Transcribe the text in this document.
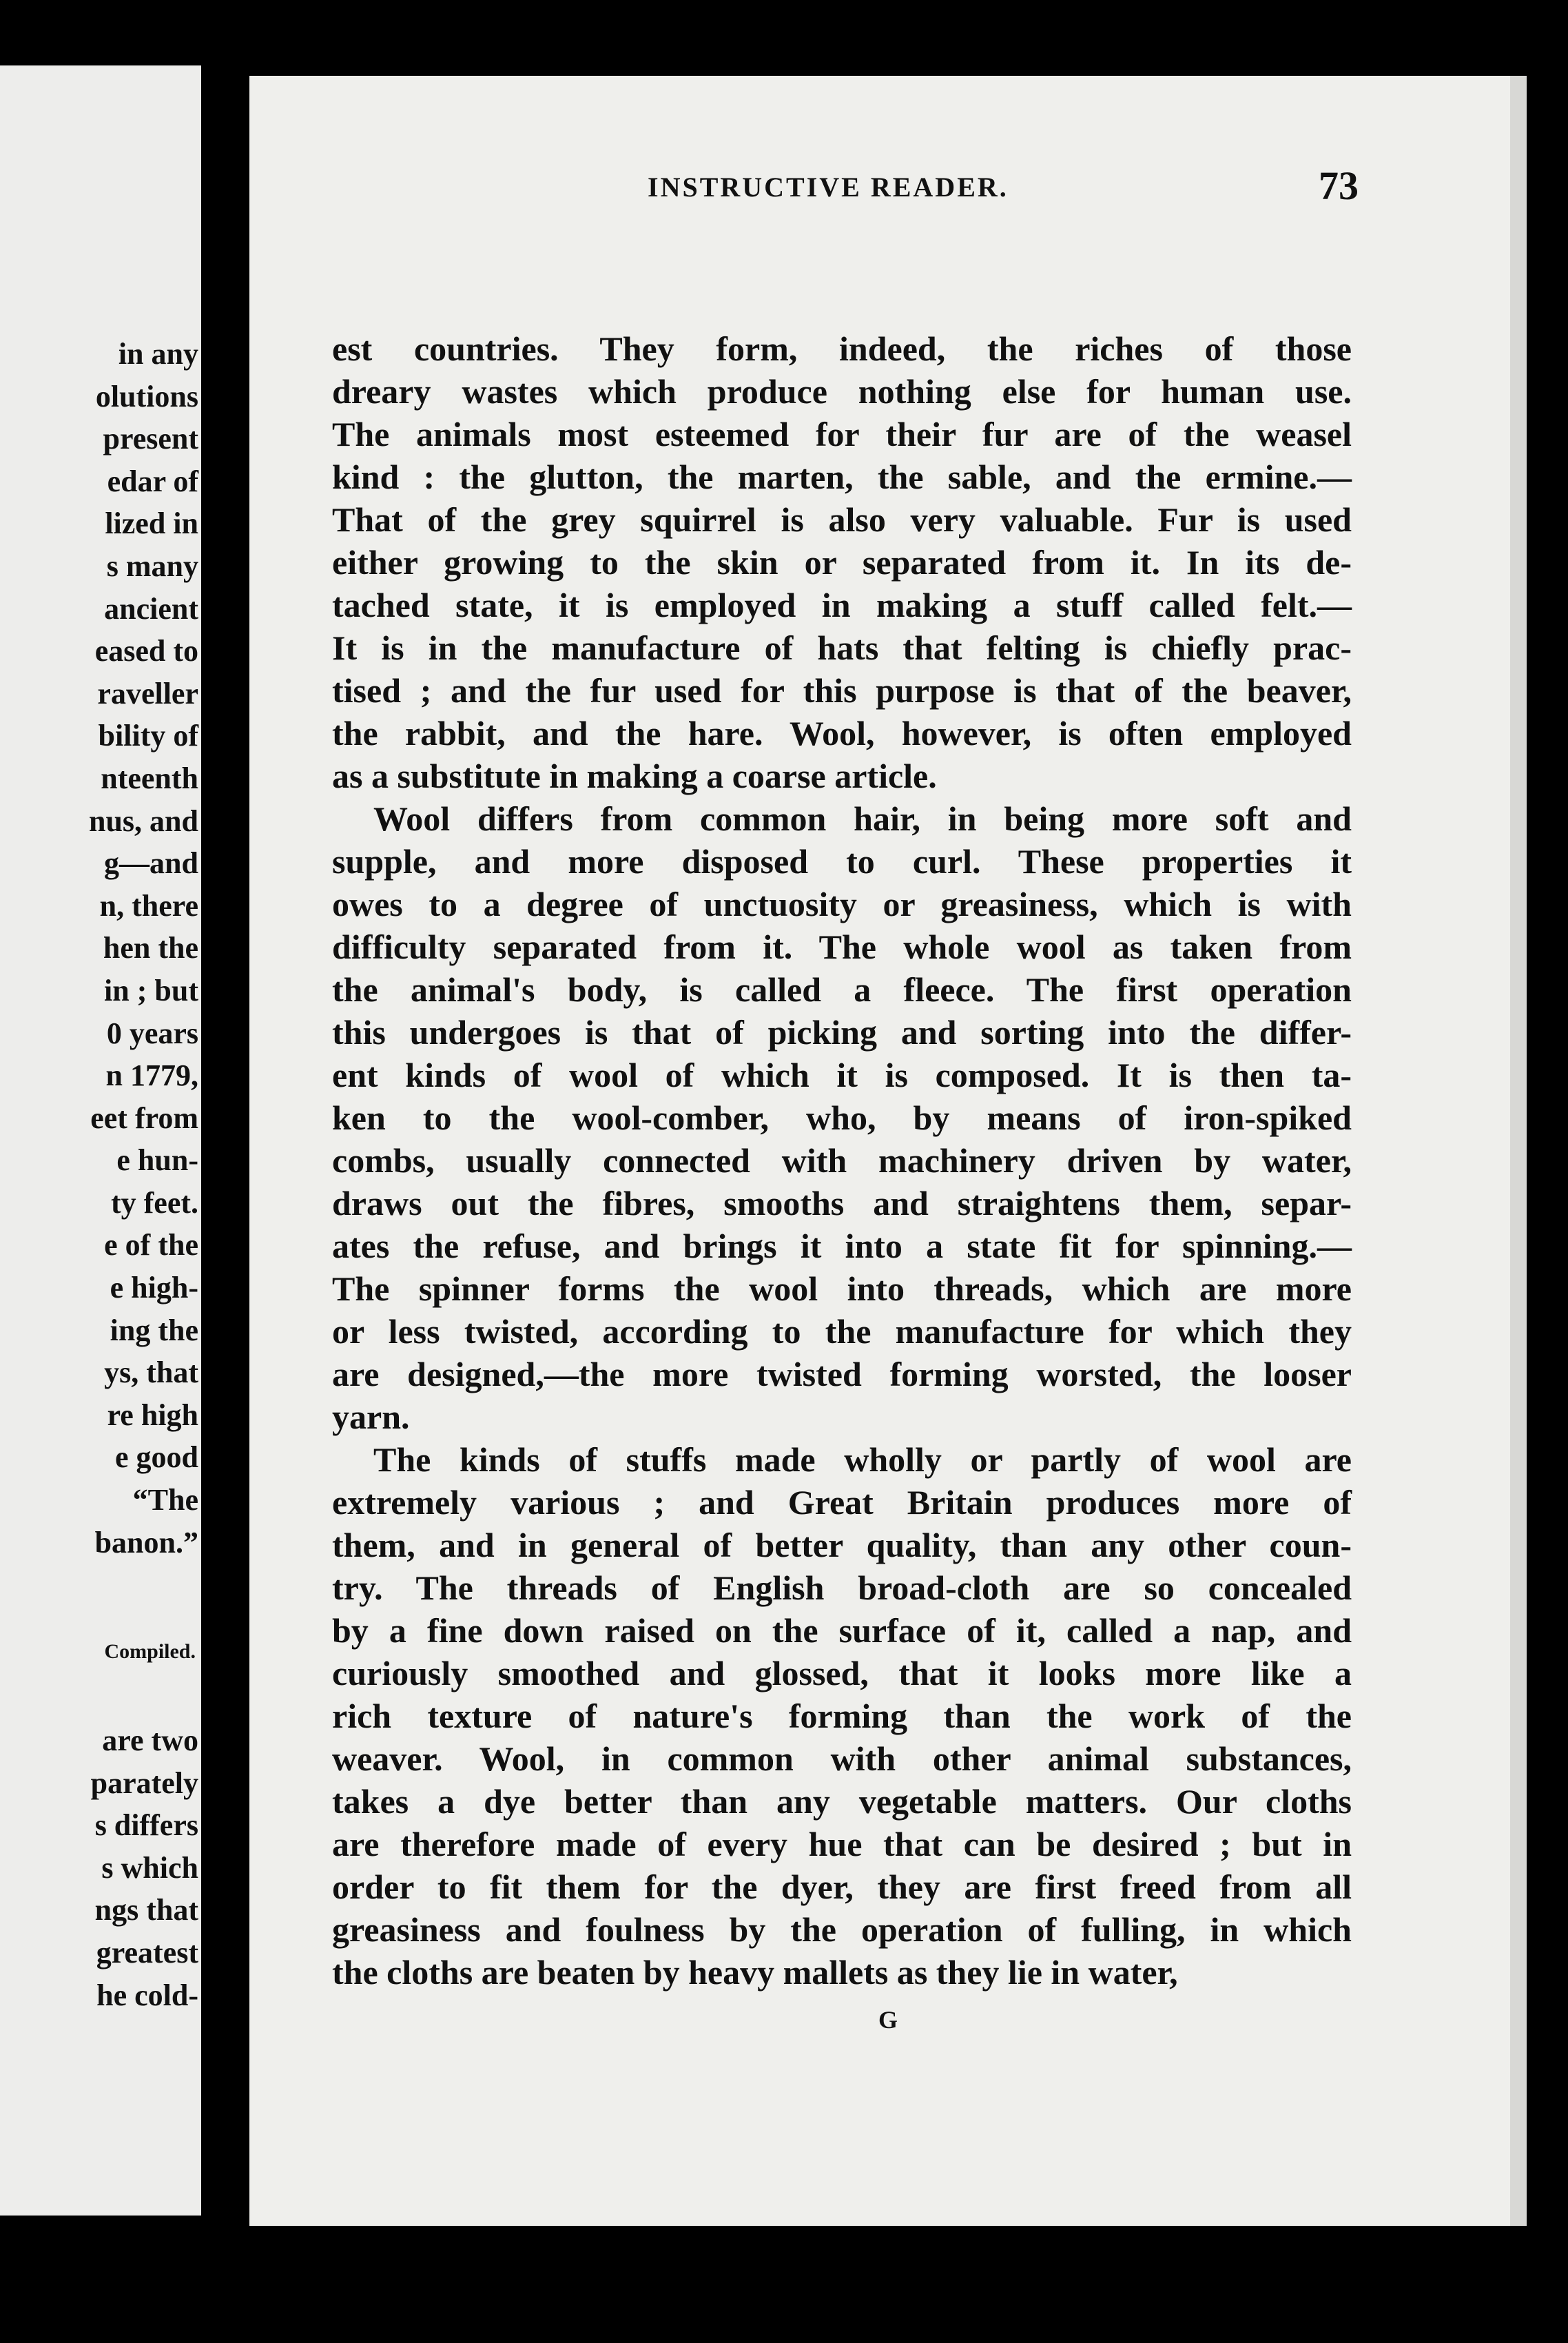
in any
olutions
present
edar of
lized in
s many
ancient
eased to
raveller
bility of
nteenth
nus, and
g—and
n, there
hen the
in ; but
0 years
n 1779,
eet from
e hun-
ty feet.
e of the
e high-
ing the
ys, that
re high
e good
“The
banon.”
Compiled.
are two
parately
s differs
s which
ngs that
greatest
he cold-
INSTRUCTIVE READER.	73
est countries. They form, indeed, the riches of those
dreary wastes which produce nothing else for human use.
The animals most esteemed for their fur are of the weasel
kind : the glutton, the marten, the sable, and the ermine.—
That of the grey squirrel is also very valuable. Fur is used
either growing to the skin or separated from it. In its de-
tached state, it is employed in making a stuff called felt.—
It is in the manufacture of hats that felting is chiefly prac-
tised ; and the fur used for this purpose is that of the beaver,
the rabbit, and the hare. Wool, however, is often employed
as a substitute in making a coarse article.
Wool differs from common hair, in being more soft and
supple, and more disposed to curl. These properties it
owes to a degree of unctuosity or greasiness, which is with
difficulty separated from it. The whole wool as taken from
the animal's body, is called a fleece. The first operation
this undergoes is that of picking and sorting into the differ-
ent kinds of wool of which it is composed. It is then ta-
ken to the wool-comber, who, by means of iron-spiked
combs, usually connected with machinery driven by water,
draws out the fibres, smooths and straightens them, separ-
ates the refuse, and brings it into a state fit for spinning.—
The spinner forms the wool into threads, which are more
or less twisted, according to the manufacture for which they
are designed,—the more twisted forming worsted, the looser
yarn.
The kinds of stuffs made wholly or partly of wool are
extremely various ; and Great Britain produces more of
them, and in general of better quality, than any other coun-
try. The threads of English broad-cloth are so concealed
by a fine down raised on the surface of it, called a nap, and
curiously smoothed and glossed, that it looks more like a
rich texture of nature's forming than the work of the
weaver. Wool, in common with other animal substances,
takes a dye better than any vegetable matters. Our cloths
are therefore made of every hue that can be desired ; but in
order to fit them for the dyer, they are first freed from all
greasiness and foulness by the operation of fulling, in which
the cloths are beaten by heavy mallets as they lie in water,
G
